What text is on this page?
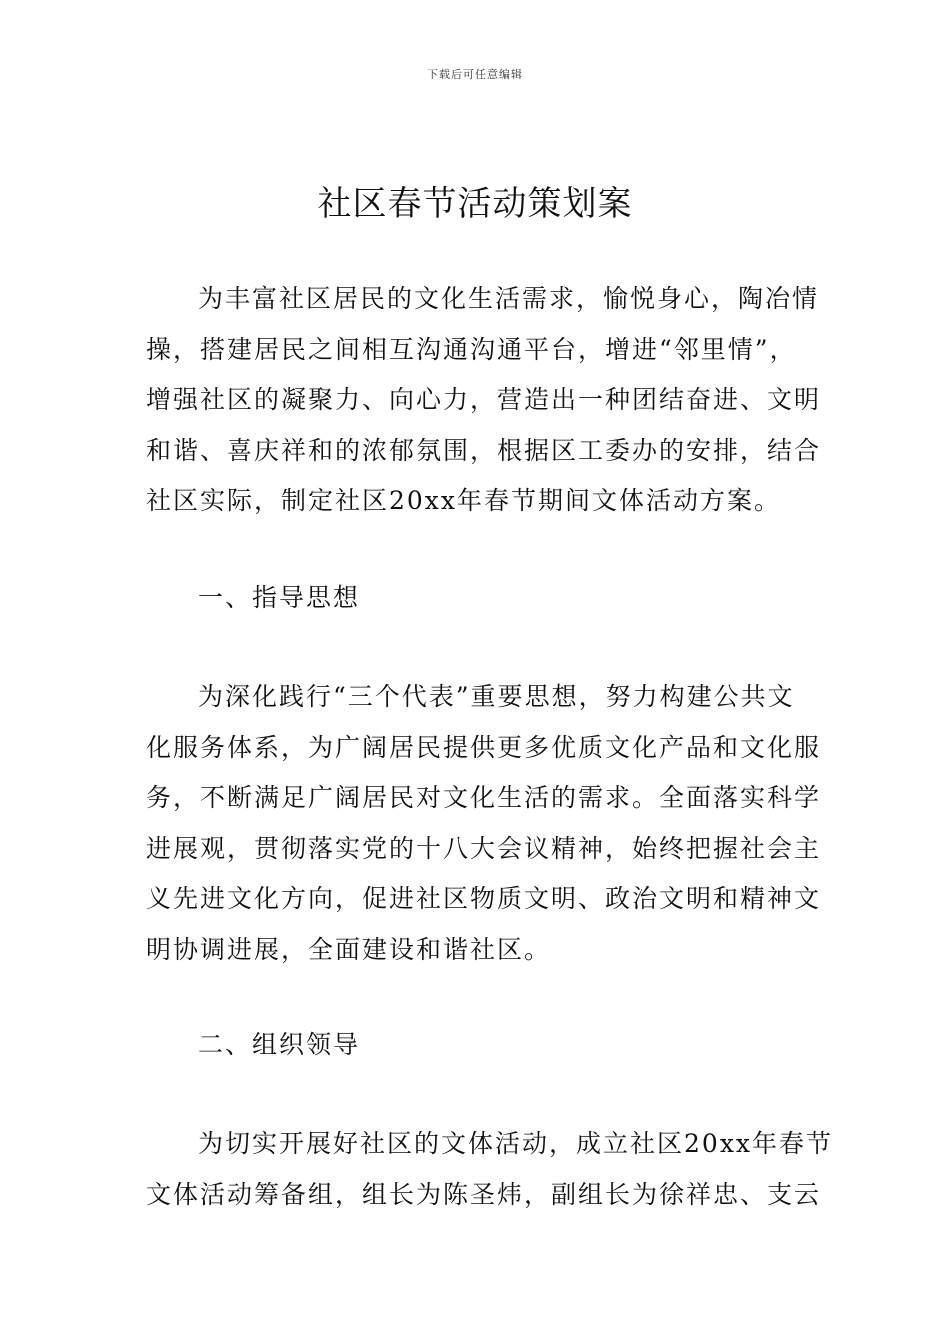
下载后可任意编辑
社区春节活动策划案
为丰富社区居民的文化生活需求，愉悦身心，陶冶情
操，搭建居民之间相互沟通沟通平台，增进“邻里情”，
增强社区的凝聚力、向心力，营造出一种团结奋进、文明
和谐、喜庆祥和的浓郁氛围，根据区工委办的安排，结合
社区实际，制定社区20xx年春节期间文体活动方案。
一、指导思想
为深化践行“三个代表”重要思想，努力构建公共文
化服务体系，为广阔居民提供更多优质文化产品和文化服
务，不断满足广阔居民对文化生活的需求。全面落实科学
进展观，贯彻落实党的十八大会议精神，始终把握社会主
义先进文化方向，促进社区物质文明、政治文明和精神文
明协调进展，全面建设和谐社区。
二、组织领导
为切实开展好社区的文体活动，成立社区20xx年春节
文体活动筹备组，组长为陈圣炜，副组长为徐祥忠、支云
